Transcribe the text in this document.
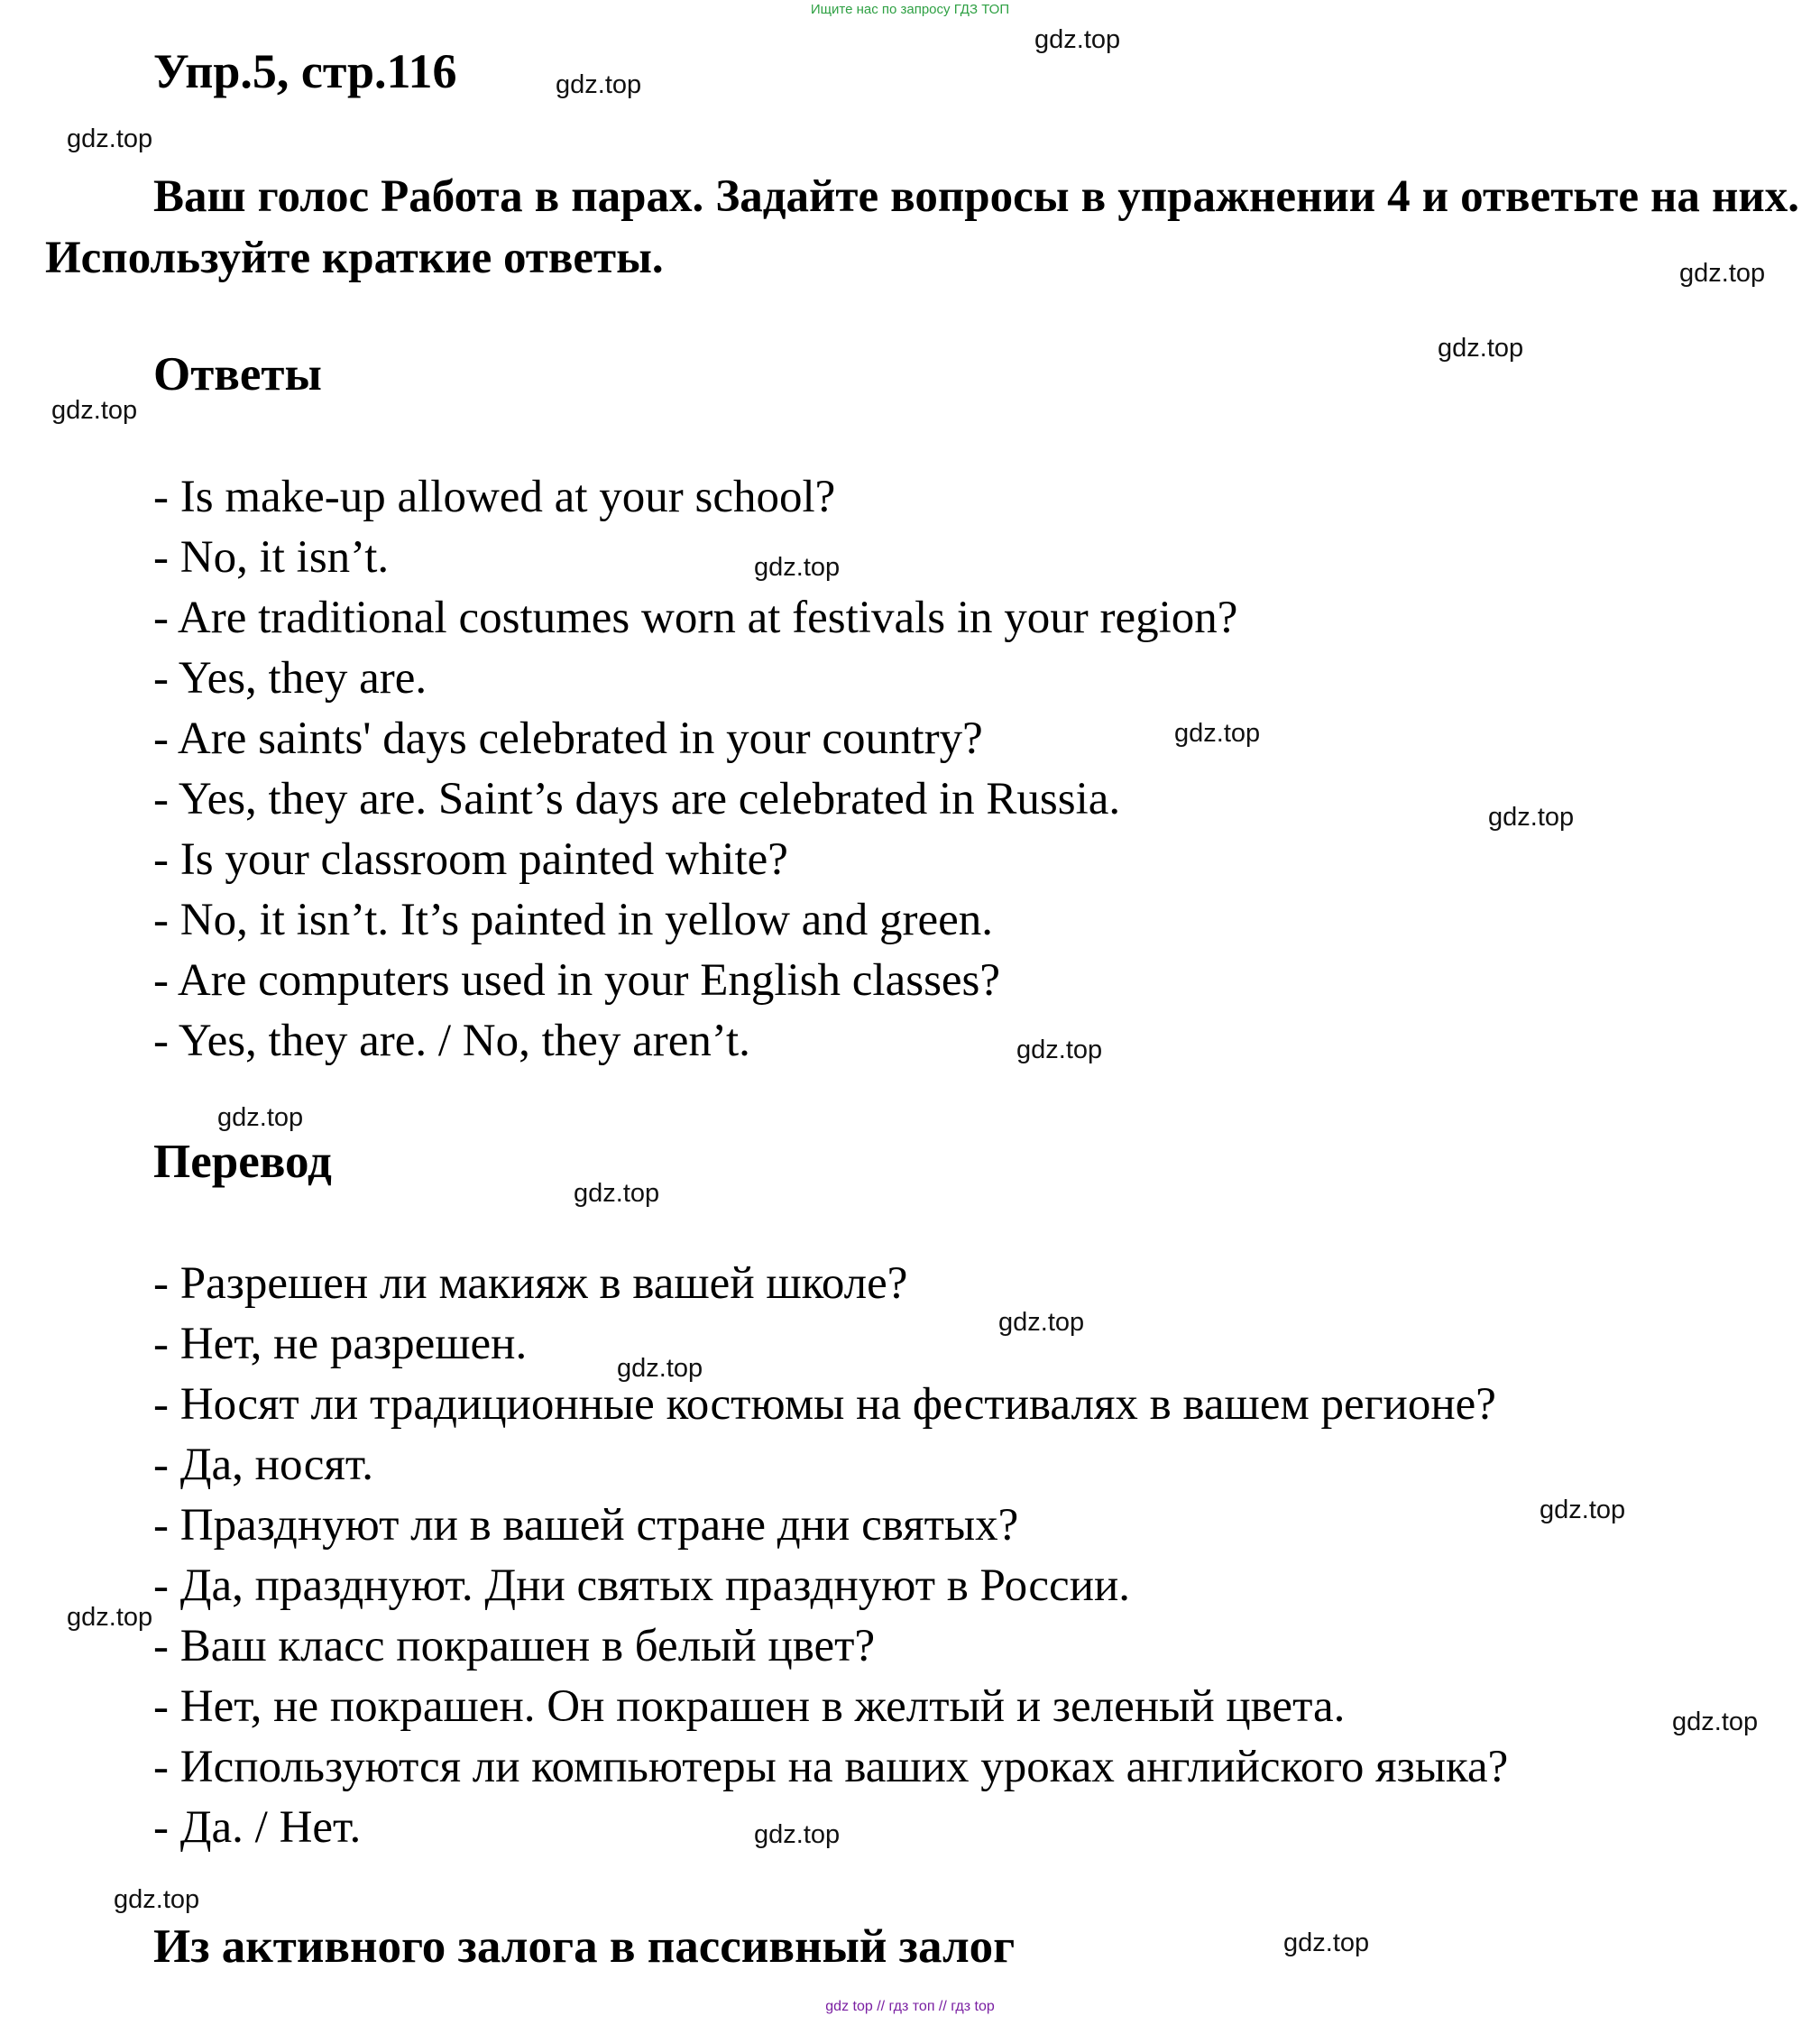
Ищите нас по запросу ГДЗ ТОП
Упр.5, стр.116
Ваш голос Работа в парах. Задайте вопросы в упражнении 4 и ответьте на них. Используйте краткие ответы.
Ответы
- Is make-up allowed at your school?
- No, it isn’t.
- Are traditional costumes worn at festivals in your region?
- Yes, they are.
- Are saints' days celebrated in your country?
- Yes, they are. Saint’s days are celebrated in Russia.
- Is your classroom painted white?
- No, it isn’t. It’s painted in yellow and green.
- Are computers used in your English classes?
- Yes, they are. / No, they aren’t.
Перевод
- Разрешен ли макияж в вашей школе?
- Нет, не разрешен.
- Носят ли традиционные костюмы на фестивалях в вашем регионе?
- Да, носят.
- Празднуют ли в вашей стране дни святых?
- Да, празднуют. Дни святых празднуют в России.
- Ваш класс покрашен в белый цвет?
- Нет, не покрашен. Он покрашен в желтый и зеленый цвета.
- Используются ли компьютеры на ваших уроках английского языка?
- Да. / Нет.
Из активного залога в пассивный залог
gdz.top
gdz.top
gdz.top
gdz.top
gdz.top
gdz.top
gdz.top
gdz.top
gdz.top
gdz.top
gdz.top
gdz.top
gdz.top
gdz.top
gdz.top
gdz.top
gdz.top
gdz.top
gdz.top
gdz.top
gdz top // гдз топ // гдз top
